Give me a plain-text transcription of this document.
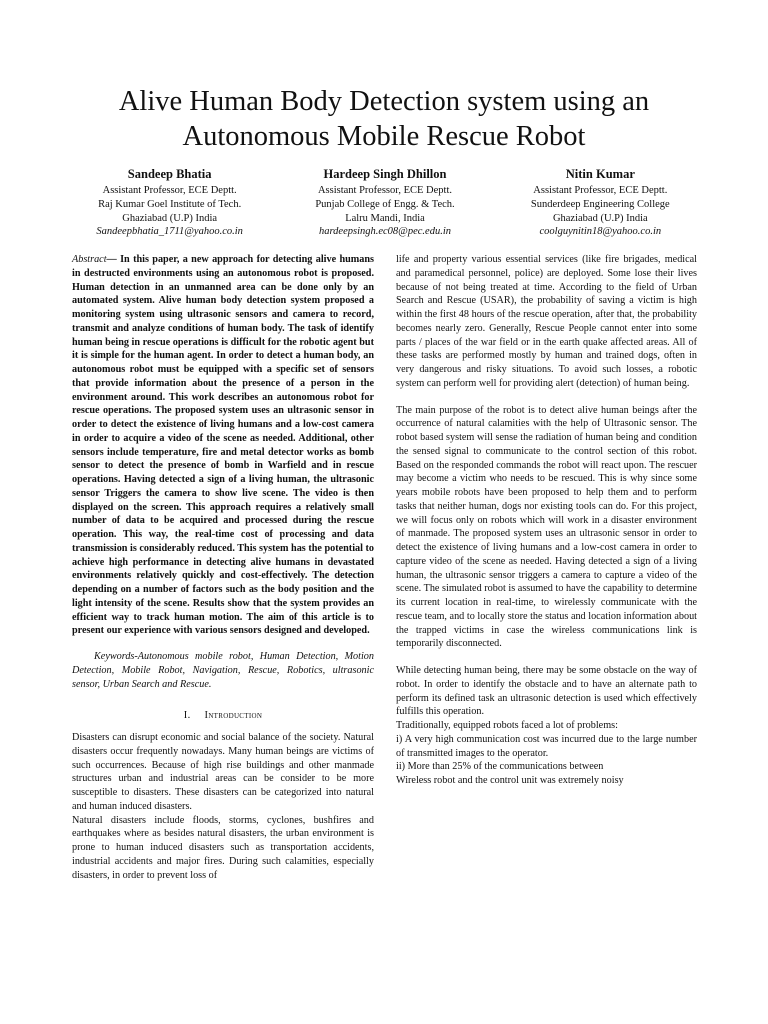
Alive Human Body Detection system using an Autonomous Mobile Rescue Robot
Sandeep Bhatia
Assistant Professor, ECE Deptt.
Raj Kumar Goel Institute of Tech.
Ghaziabad (U.P) India
Sandeepbhatia_1711@yahoo.co.in
Hardeep Singh Dhillon
Assistant Professor, ECE Deptt.
Punjab College of Engg. & Tech.
Lalru Mandi, India
hardeepsingh.ec08@pec.edu.in
Nitin Kumar
Assistant Professor, ECE Deptt.
Sunderdeep Engineering College
Ghaziabad (U.P) India
coolguynitin18@yahoo.co.in

Abstract— In this paper, a new approach for detecting alive humans in destructed environments using an autonomous robot is proposed. Human detection in an unmanned area can be done only by an automated system. Alive human body detection system proposed a monitoring system using ultrasonic sensors and camera to record, transmit and analyze conditions of human body. The task of identify human being in rescue operations is difficult for the robotic agent but it is simple for the human agent. In order to detect a human body, an autonomous robot must be equipped with a specific set of sensors that provide information about the presence of a person in the environment around. This work describes an autonomous robot for rescue operations. The proposed system uses an ultrasonic sensor in order to detect the existence of living humans and a low-cost camera in order to acquire a video of the scene as needed. Additional, other sensors include temperature, fire and metal detector works as bomb sensor to detect the presence of bomb in Warfield and in rescue operations. Having detected a sign of a living human, the ultrasonic sensor Triggers the camera to show live scene. The video is then displayed on the screen. This approach requires a relatively small number of data to be acquired and processed during the rescue operation. This way, the real-time cost of processing and data transmission is considerably reduced. This system has the potential to achieve high performance in detecting alive humans in devastated environments relatively quickly and cost-effectively. The detection depending on a number of factors such as the body position and the light intensity of the scene. Results show that the system provides an efficient way to track human motion. The aim of this article is to present our experience with various sensors designed and developed.

Keywords-Autonomous mobile robot, Human Detection, Motion Detection, Mobile Robot, Navigation, Rescue, Robotics, ultrasonic sensor, Urban Search and Rescue.

I. Introduction

Disasters can disrupt economic and social balance of the society. Natural disasters occur frequently nowadays. Many human beings are victims of such occurrences. Because of high rise buildings and other manmade structures urban and industrial areas can be consider to be more susceptible to disasters. These disasters can be categorized into natural and human induced disasters.

Natural disasters include floods, storms, cyclones, bushfires and earthquakes where as besides natural disasters, the urban environment is prone to human induced disasters such as transportation accidents, industrial accidents and major fires. During such calamities, especially disasters, in order to prevent loss of

life and property various essential services (like fire brigades, medical and paramedical personnel, police) are deployed. Some lose their lives because of not being treated at time. According to the field of Urban Search and Rescue (USAR), the probability of saving a victim is high within the first 48 hours of the rescue operation, after that, the probability becomes nearly zero. Generally, Rescue People cannot enter into some parts / places of the war field or in the earth quake affected areas. All of these tasks are performed mostly by human and trained dogs, often in very dangerous and risky situations. To avoid such losses, a robotic system can perform well for providing alert (detection) of human being.

The main purpose of the robot is to detect alive human beings after the occurrence of natural calamities with the help of Ultrasonic sensor. The robot based system will sense the radiation of human being and condition the sensed signal to communicate to the control section of this robot. Based on the responded commands the robot will react upon. The rescuer may become a victim who needs to be rescued. This is why since some years mobile robots have been proposed to help them and to perform tasks that neither human, dogs nor existing tools can do. For this project, we will focus only on robots which will work in a disaster environment of manmade. The proposed system uses an ultrasonic sensor in order to detect the existence of living humans and a low-cost camera in order to capture video of the scene as needed. Having detected a sign of a living human, the ultrasonic sensor triggers a camera to capture a video of the scene. The simulated robot is assumed to have the capability to determine its current location in real-time, to wirelessly communicate with the rescue team, and to locally store the status and location information about the trapped victims in case the wireless communications link is temporarily disconnected.

While detecting human being, there may be some obstacle on the way of robot. In order to identify the obstacle and to have an alternate path to perform its defined task an ultrasonic detection is used which effectively fulfills this operation.

Traditionally, equipped robots faced a lot of problems:

i) A very high communication cost was incurred due to the large number of transmitted images to the operator.

ii) More than 25% of the communications between

Wireless robot and the control unit was extremely noisy
